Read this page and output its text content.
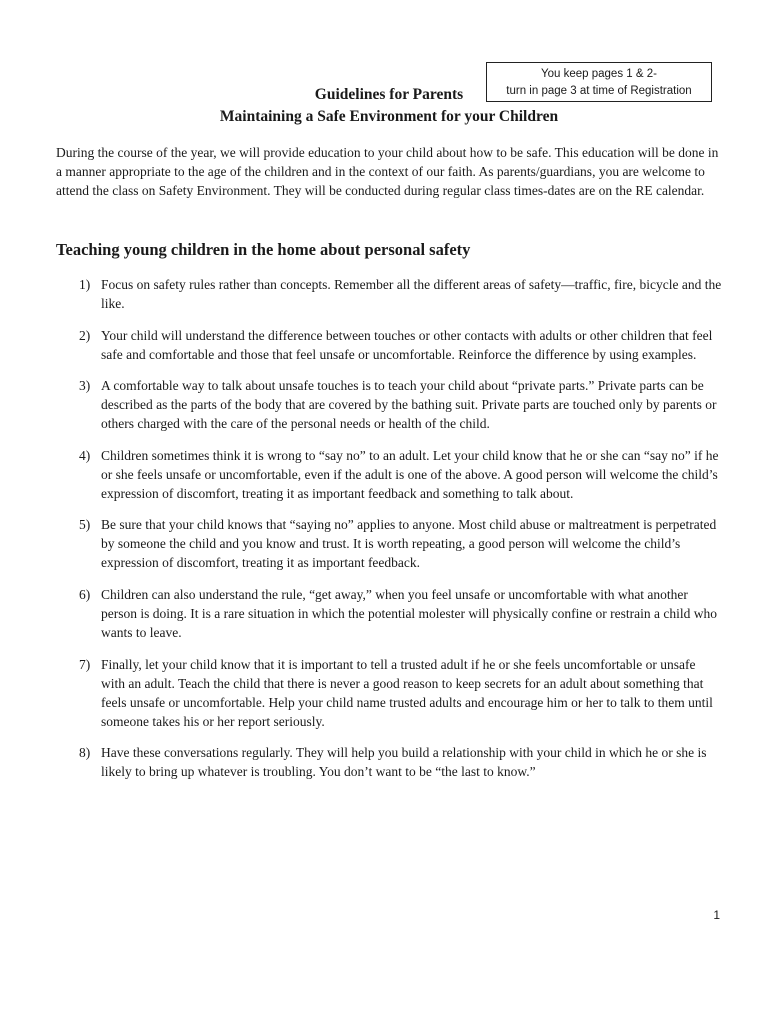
You keep pages 1 & 2-
turn in page 3 at time of Registration
Guidelines for Parents
Maintaining a Safe Environment for your Children

During the course of the year, we will provide education to your child about how to be safe. This education will be done in a manner appropriate to the age of the children and in the context of our faith. As parents/guardians, you are welcome to attend the class on Safety Environment. They will be conducted during regular class times-dates are on the RE calendar.

Teaching young children in the home about personal safety
1) Focus on safety rules rather than concepts. Remember all the different areas of safety—traffic, fire, bicycle and the like.
2) Your child will understand the difference between touches or other contacts with adults or other children that feel safe and comfortable and those that feel unsafe or uncomfortable. Reinforce the difference by using examples.
3) A comfortable way to talk about unsafe touches is to teach your child about “private parts.” Private parts can be described as the parts of the body that are covered by the bathing suit. Private parts are touched only by parents or others charged with the care of the personal needs or health of the child.
4) Children sometimes think it is wrong to “say no” to an adult. Let your child know that he or she can “say no” if he or she feels unsafe or uncomfortable, even if the adult is one of the above. A good person will welcome the child’s expression of discomfort, treating it as important feedback and something to talk about.
5) Be sure that your child knows that “saying no” applies to anyone. Most child abuse or maltreatment is perpetrated by someone the child and you know and trust. It is worth repeating, a good person will welcome the child’s expression of discomfort, treating it as important feedback.
6) Children can also understand the rule, “get away,” when you feel unsafe or uncomfortable with what another person is doing. It is a rare situation in which the potential molester will physically confine or restrain a child who wants to leave.
7) Finally, let your child know that it is important to tell a trusted adult if he or she feels uncomfortable or unsafe with an adult. Teach the child that there is never a good reason to keep secrets for an adult about something that feels unsafe or uncomfortable. Help your child name trusted adults and encourage him or her to talk to them until someone takes his or her report seriously.
8) Have these conversations regularly. They will help you build a relationship with your child in which he or she is likely to bring up whatever is troubling. You don’t want to be “the last to know.”
1
